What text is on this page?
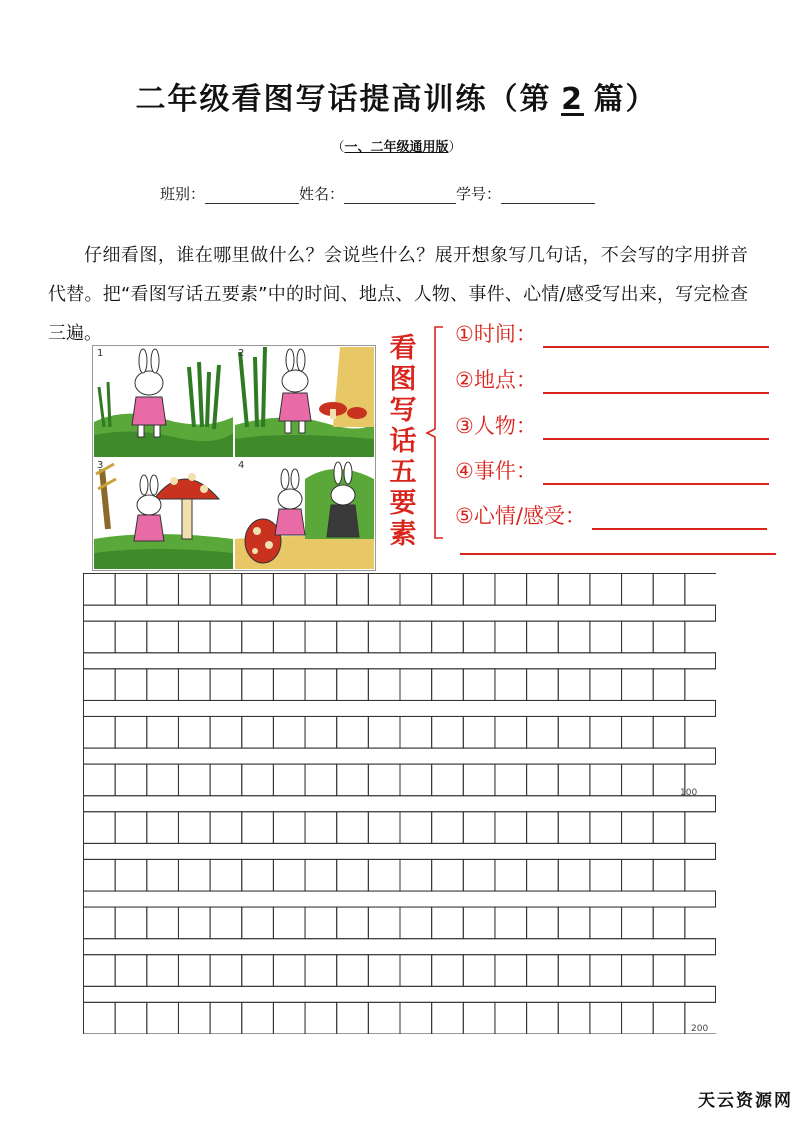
二年级看图写话提高训练（第 2 篇）
（一、二年级通用版）
班别：	姓名：	学号：
仔细看图，谁在哪里做什么？会说些什么？展开想象写几句话，不会写的字用拼音代替。把“看图写话五要素”中的时间、地点、人物、事件、心情/感受写出来，写完检查三遍。
1	2
3	4
看
图
写
话
五
要
素
①时间：
②地点：
③人物：
④事件：
⑤心情/感受：
100
200
天云资源网
